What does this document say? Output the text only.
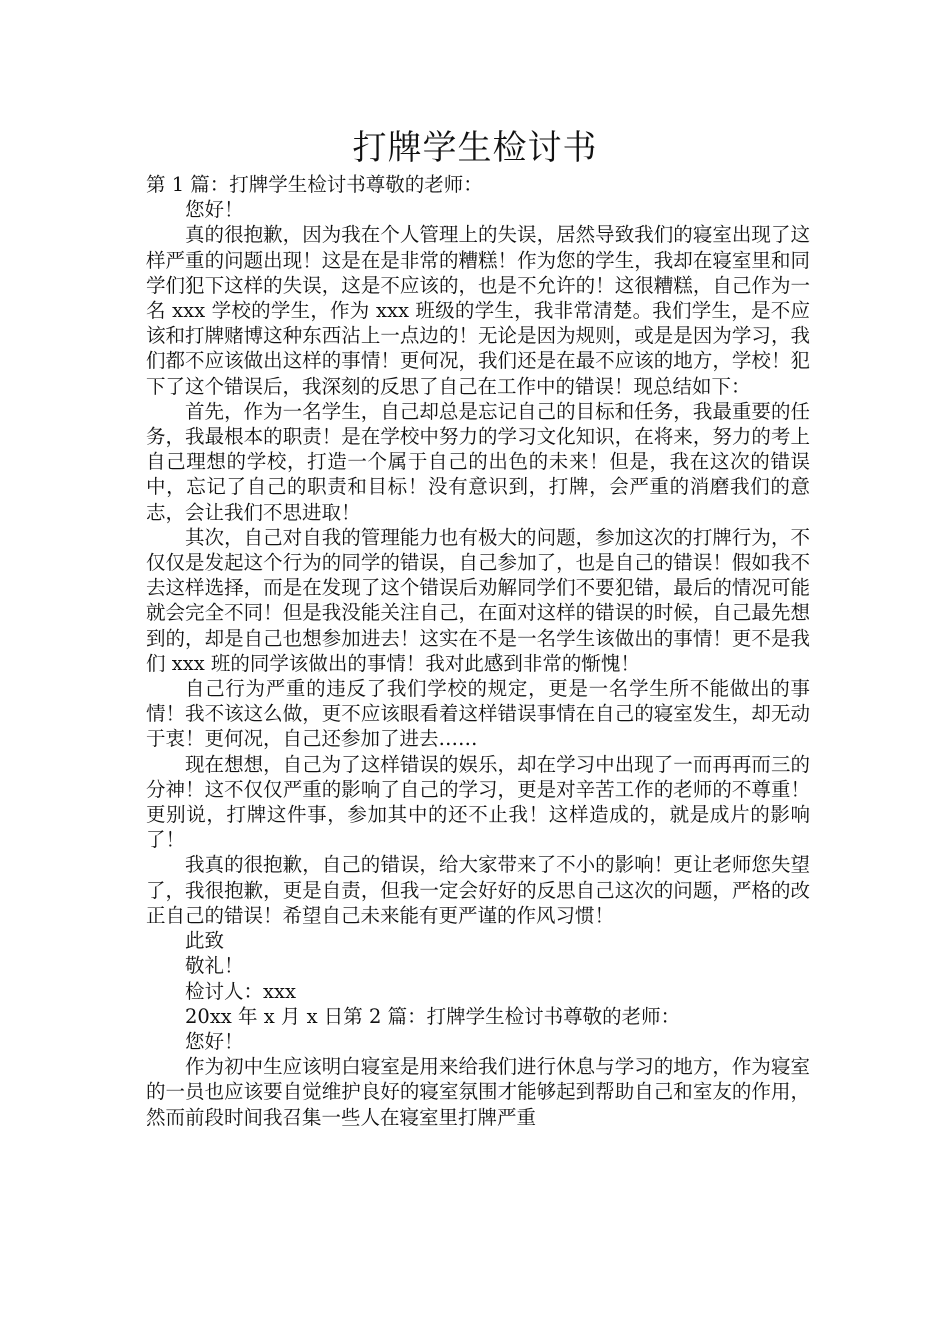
打牌学生检讨书

第 1 篇：打牌学生检讨书尊敬的老师：

您好！

真的很抱歉，因为我在个人管理上的失误，居然导致我们的寝室出现了这样严重的问题出现！这是在是非常的糟糕！作为您的学生，我却在寝室里和同学们犯下这样的失误，这是不应该的，也是不允许的！这很糟糕，自己作为一名 xxx 学校的学生，作为 xxx 班级的学生，我非常清楚。我们学生，是不应该和打牌赌博这种东西沾上一点边的！无论是因为规则，或是是因为学习，我们都不应该做出这样的事情！更何况，我们还是在最不应该的地方，学校！犯下了这个错误后，我深刻的反思了自己在工作中的错误！现总结如下：

首先，作为一名学生，自己却总是忘记自己的目标和任务，我最重要的任务，我最根本的职责！是在学校中努力的学习文化知识，在将来，努力的考上自己理想的学校，打造一个属于自己的出色的未来！但是，我在这次的错误中，忘记了自己的职责和目标！没有意识到，打牌，会严重的消磨我们的意志，会让我们不思进取！

其次，自己对自我的管理能力也有极大的问题，参加这次的打牌行为，不仅仅是发起这个行为的同学的错误，自己参加了，也是自己的错误！假如我不去这样选择，而是在发现了这个错误后劝解同学们不要犯错，最后的情况可能就会完全不同！但是我没能关注自己，在面对这样的错误的时候，自己最先想到的，却是自己也想参加进去！这实在不是一名学生该做出的事情！更不是我们 xxx 班的同学该做出的事情！我对此感到非常的惭愧！

自己行为严重的违反了我们学校的规定，更是一名学生所不能做出的事情！我不该这么做，更不应该眼看着这样错误事情在自己的寝室发生，却无动于衷！更何况，自己还参加了进去……

现在想想，自己为了这样错误的娱乐，却在学习中出现了一而再再而三的分神！这不仅仅严重的影响了自己的学习，更是对辛苦工作的老师的不尊重！更别说，打牌这件事，参加其中的还不止我！这样造成的，就是成片的影响了！

我真的很抱歉，自己的错误，给大家带来了不小的影响！更让老师您失望了，我很抱歉，更是自责，但我一定会好好的反思自己这次的问题，严格的改正自己的错误！希望自己未来能有更严谨的作风习惯！

此致

敬礼！

检讨人：xxx

20xx 年 x 月 x 日第 2 篇：打牌学生检讨书尊敬的老师：

您好！

作为初中生应该明白寝室是用来给我们进行休息与学习的地方，作为寝室的一员也应该要自觉维护良好的寝室氛围才能够起到帮助自己和室友的作用，然而前段时间我召集一些人在寝室里打牌严重
